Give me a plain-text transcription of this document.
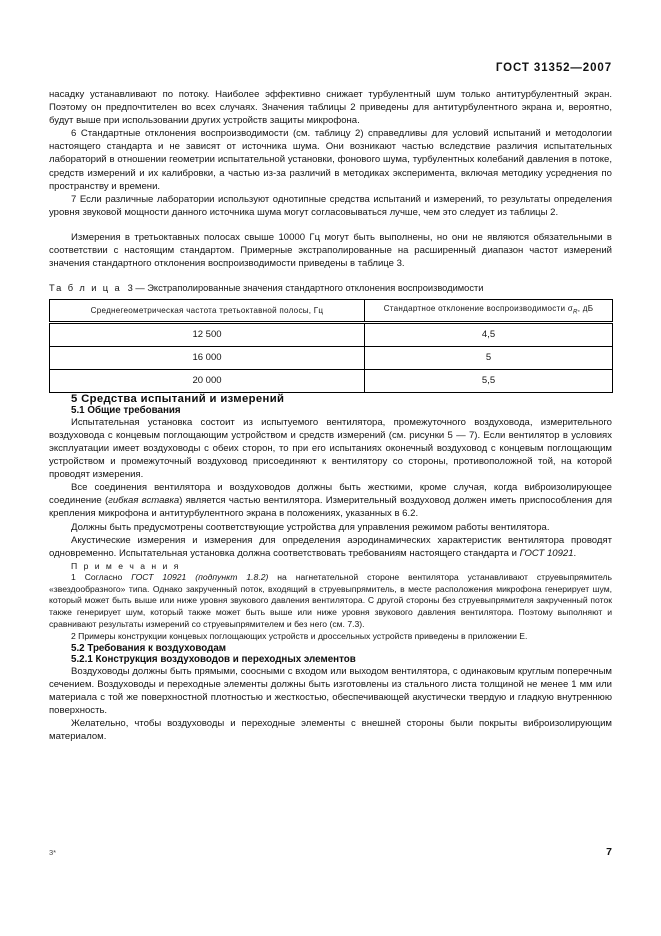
ГОСТ 31352—2007

насадку устанавливают по потоку. Наиболее эффективно снижает турбулентный шум только антитурбулентный экран. Поэтому он предпочтителен во всех случаях. Значения таблицы 2 приведены для антитурбулентного экрана и, вероятно, будут выше при использовании других устройств защиты микрофона.

6 Стандартные отклонения воспроизводимости (см. таблицу 2) справедливы для условий испытаний и методологии настоящего стандарта и не зависят от источника шума. Они возникают частью вследствие различия испытательных лабораторий в отношении геометрии испытательной установки, фонового шума, турбулентных колебаний давления в потоке, средств измерений и их калибровки, а частью из-за различий в методиках эксперимента, включая методику усреднения по пространству и времени.

7 Если различные лаборатории используют однотипные средства испытаний и измерений, то результаты определения уровня звуковой мощности данного источника шума могут согласовываться лучше, чем это следует из таблицы 2.

Измерения в третьоктавных полосах свыше 10000 Гц могут быть выполнены, но они не являются обязательными в соответствии с настоящим стандартом. Примерные экстраполированные на расширенный диапазон частот измерений значения стандартного отклонения воспроизводимости приведены в таблице 3.

Та б л и ц а 3 — Экстраполированные значения стандартного отклонения воспроизводимости

Среднегеометрическая частота третьоктавной полосы, Гц	Стандартное отклонение воспроизводимости $\sigma_R$, дБ
12 500	4,5
16 000	5
20 000	5,5
5 Средства испытаний и измерений
5.1 Общие требования

Испытательная установка состоит из испытуемого вентилятора, промежуточного воздуховода, измерительного воздуховода с концевым поглощающим устройством и средств измерений (см. рисунки 5 — 7). Если вентилятор в условиях эксплуатации имеет воздуховоды с обеих сторон, то при его испытаниях оконечный воздуховод с концевым поглощающим устройством и промежуточный воздуховод присоединяют к вентилятору со стороны, противоположной той, на которой проводят измерения.

Все соединения вентилятора и воздуховодов должны быть жесткими, кроме случая, когда виброизолирующее соединение (гибкая вставка) является частью вентилятора. Измерительный воздуховод должен иметь приспособления для крепления микрофона и антитурбулентного экрана в положениях, указанных в 6.2.

Должны быть предусмотрены соответствующие устройства для управления режимом работы вентилятора.

Акустические измерения и измерения для определения аэродинамических характеристик вентилятора проводят одновременно. Испытательная установка должна соответствовать требованиям настоящего стандарта и ГОСТ 10921.

П р и м е ч а н и я

1 Согласно ГОСТ 10921 (подпункт 1.8.2) на нагнетательной стороне вентилятора устанавливают струевыпрямитель «звездообразного» типа. Однако закрученный поток, входящий в струевыпрямитель, в месте расположения микрофона генерирует шум, который может быть выше или ниже уровня звукового давления вентилятора. С другой стороны без струевыпрямителя закрученный поток также генерирует шум, который также может быть выше или ниже уровня звукового давления вентилятора. Поэтому выполняют и сравнивают результаты измерений со струевыпрямителем и без него (см. 7.3).

2 Примеры конструкции концевых поглощающих устройств и дроссельных устройств приведены в приложении Е.

5.2 Требования к воздуховодам
5.2.1 Конструкция воздуховодов и переходных элементов

Воздуховоды должны быть прямыми, соосными с входом или выходом вентилятора, с одинаковым круглым поперечным сечением. Воздуховоды и переходные элементы должны быть изготовлены из стального листа толщиной не менее 1 мм или материала с той же поверхностной плотностью и жесткостью, обеспечивающей акустически твердую и гладкую внутреннюю поверхность.

Желательно, чтобы воздуховоды и переходные элементы с внешней стороны были покрыты виброизолирующим материалом.

3*	7
